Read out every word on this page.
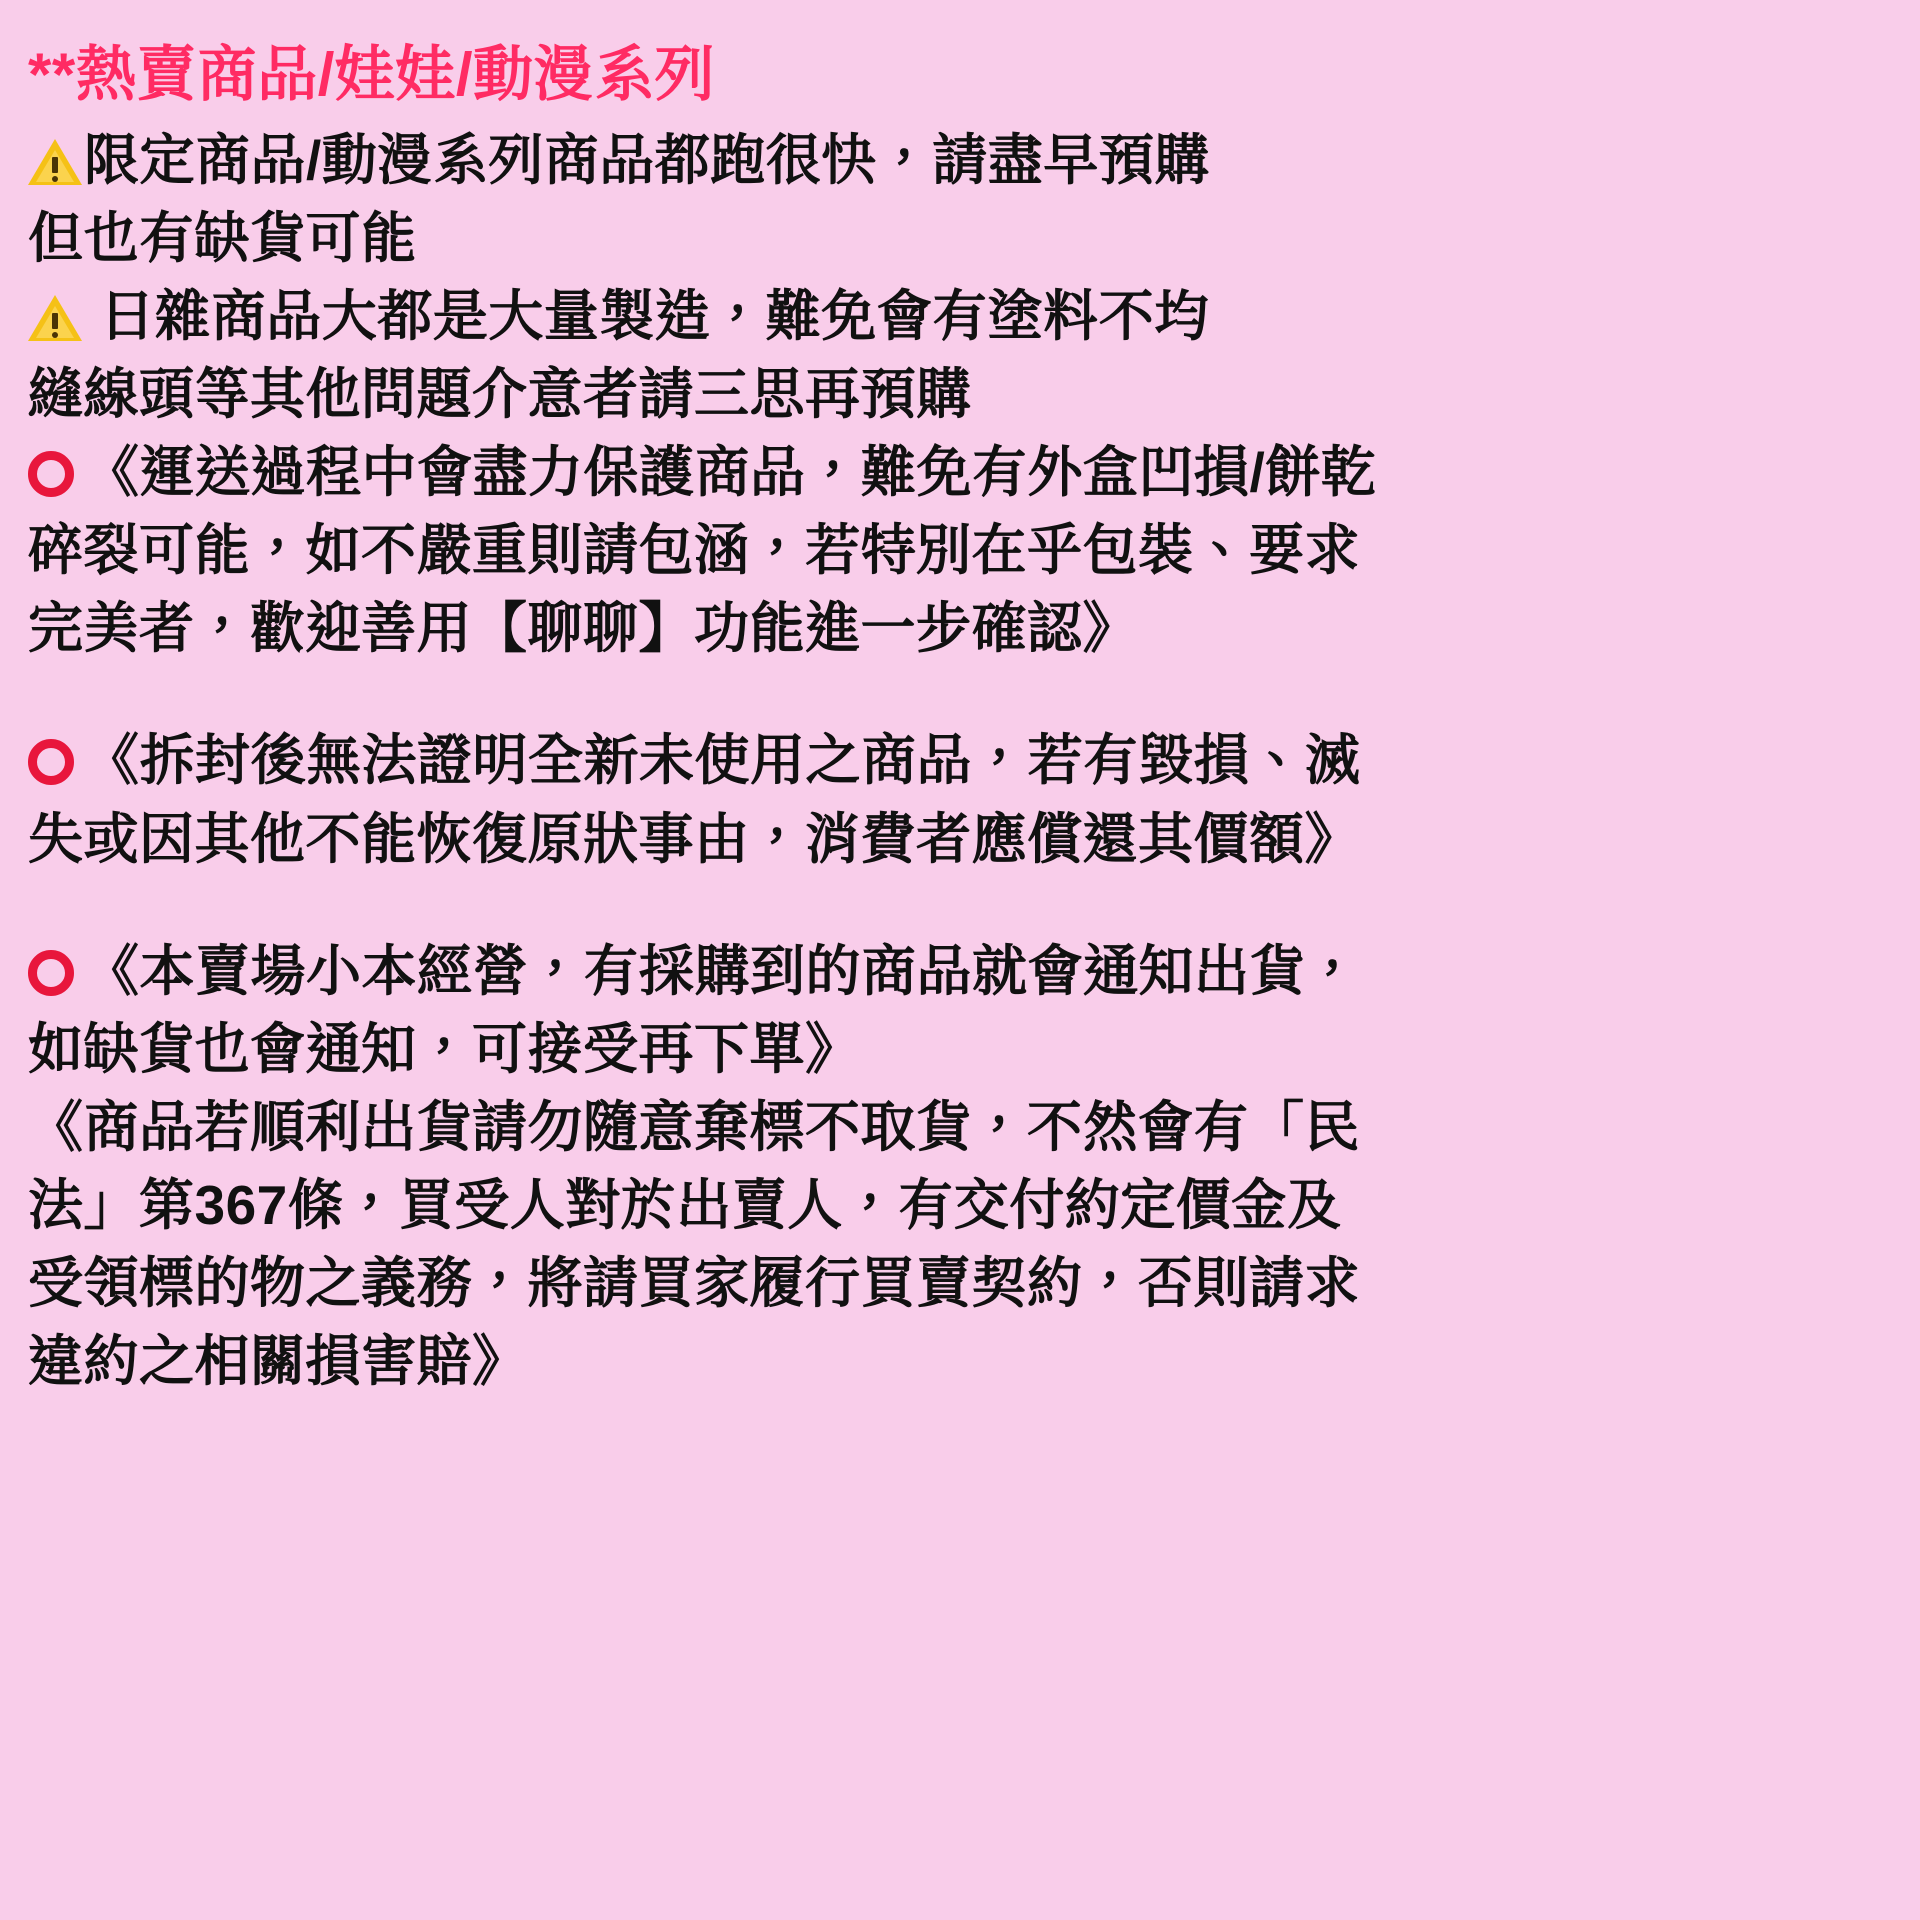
**熱賣商品/娃娃/動漫系列
限定商品/動漫系列商品都跑很快，請盡早預購
但也有缺貨可能
日雜商品大都是大量製造，難免會有塗料不均
縫線頭等其他問題介意者請三思再預購
《運送過程中會盡力保護商品，難免有外盒凹損/餅乾
碎裂可能，如不嚴重則請包涵，若特別在乎包裝、要求
完美者，歡迎善用【聊聊】功能進一步確認》
《拆封後無法證明全新未使用之商品，若有毀損、滅
失或因其他不能恢復原狀事由，消費者應償還其價額》
《本賣場小本經營，有採購到的商品就會通知出貨，
如缺貨也會通知，可接受再下單》
《商品若順利出貨請勿隨意棄標不取貨，不然會有「民
法」第367條，買受人對於出賣人，有交付約定價金及
受領標的物之義務，將請買家履行買賣契約，否則請求
違約之相關損害賠》
